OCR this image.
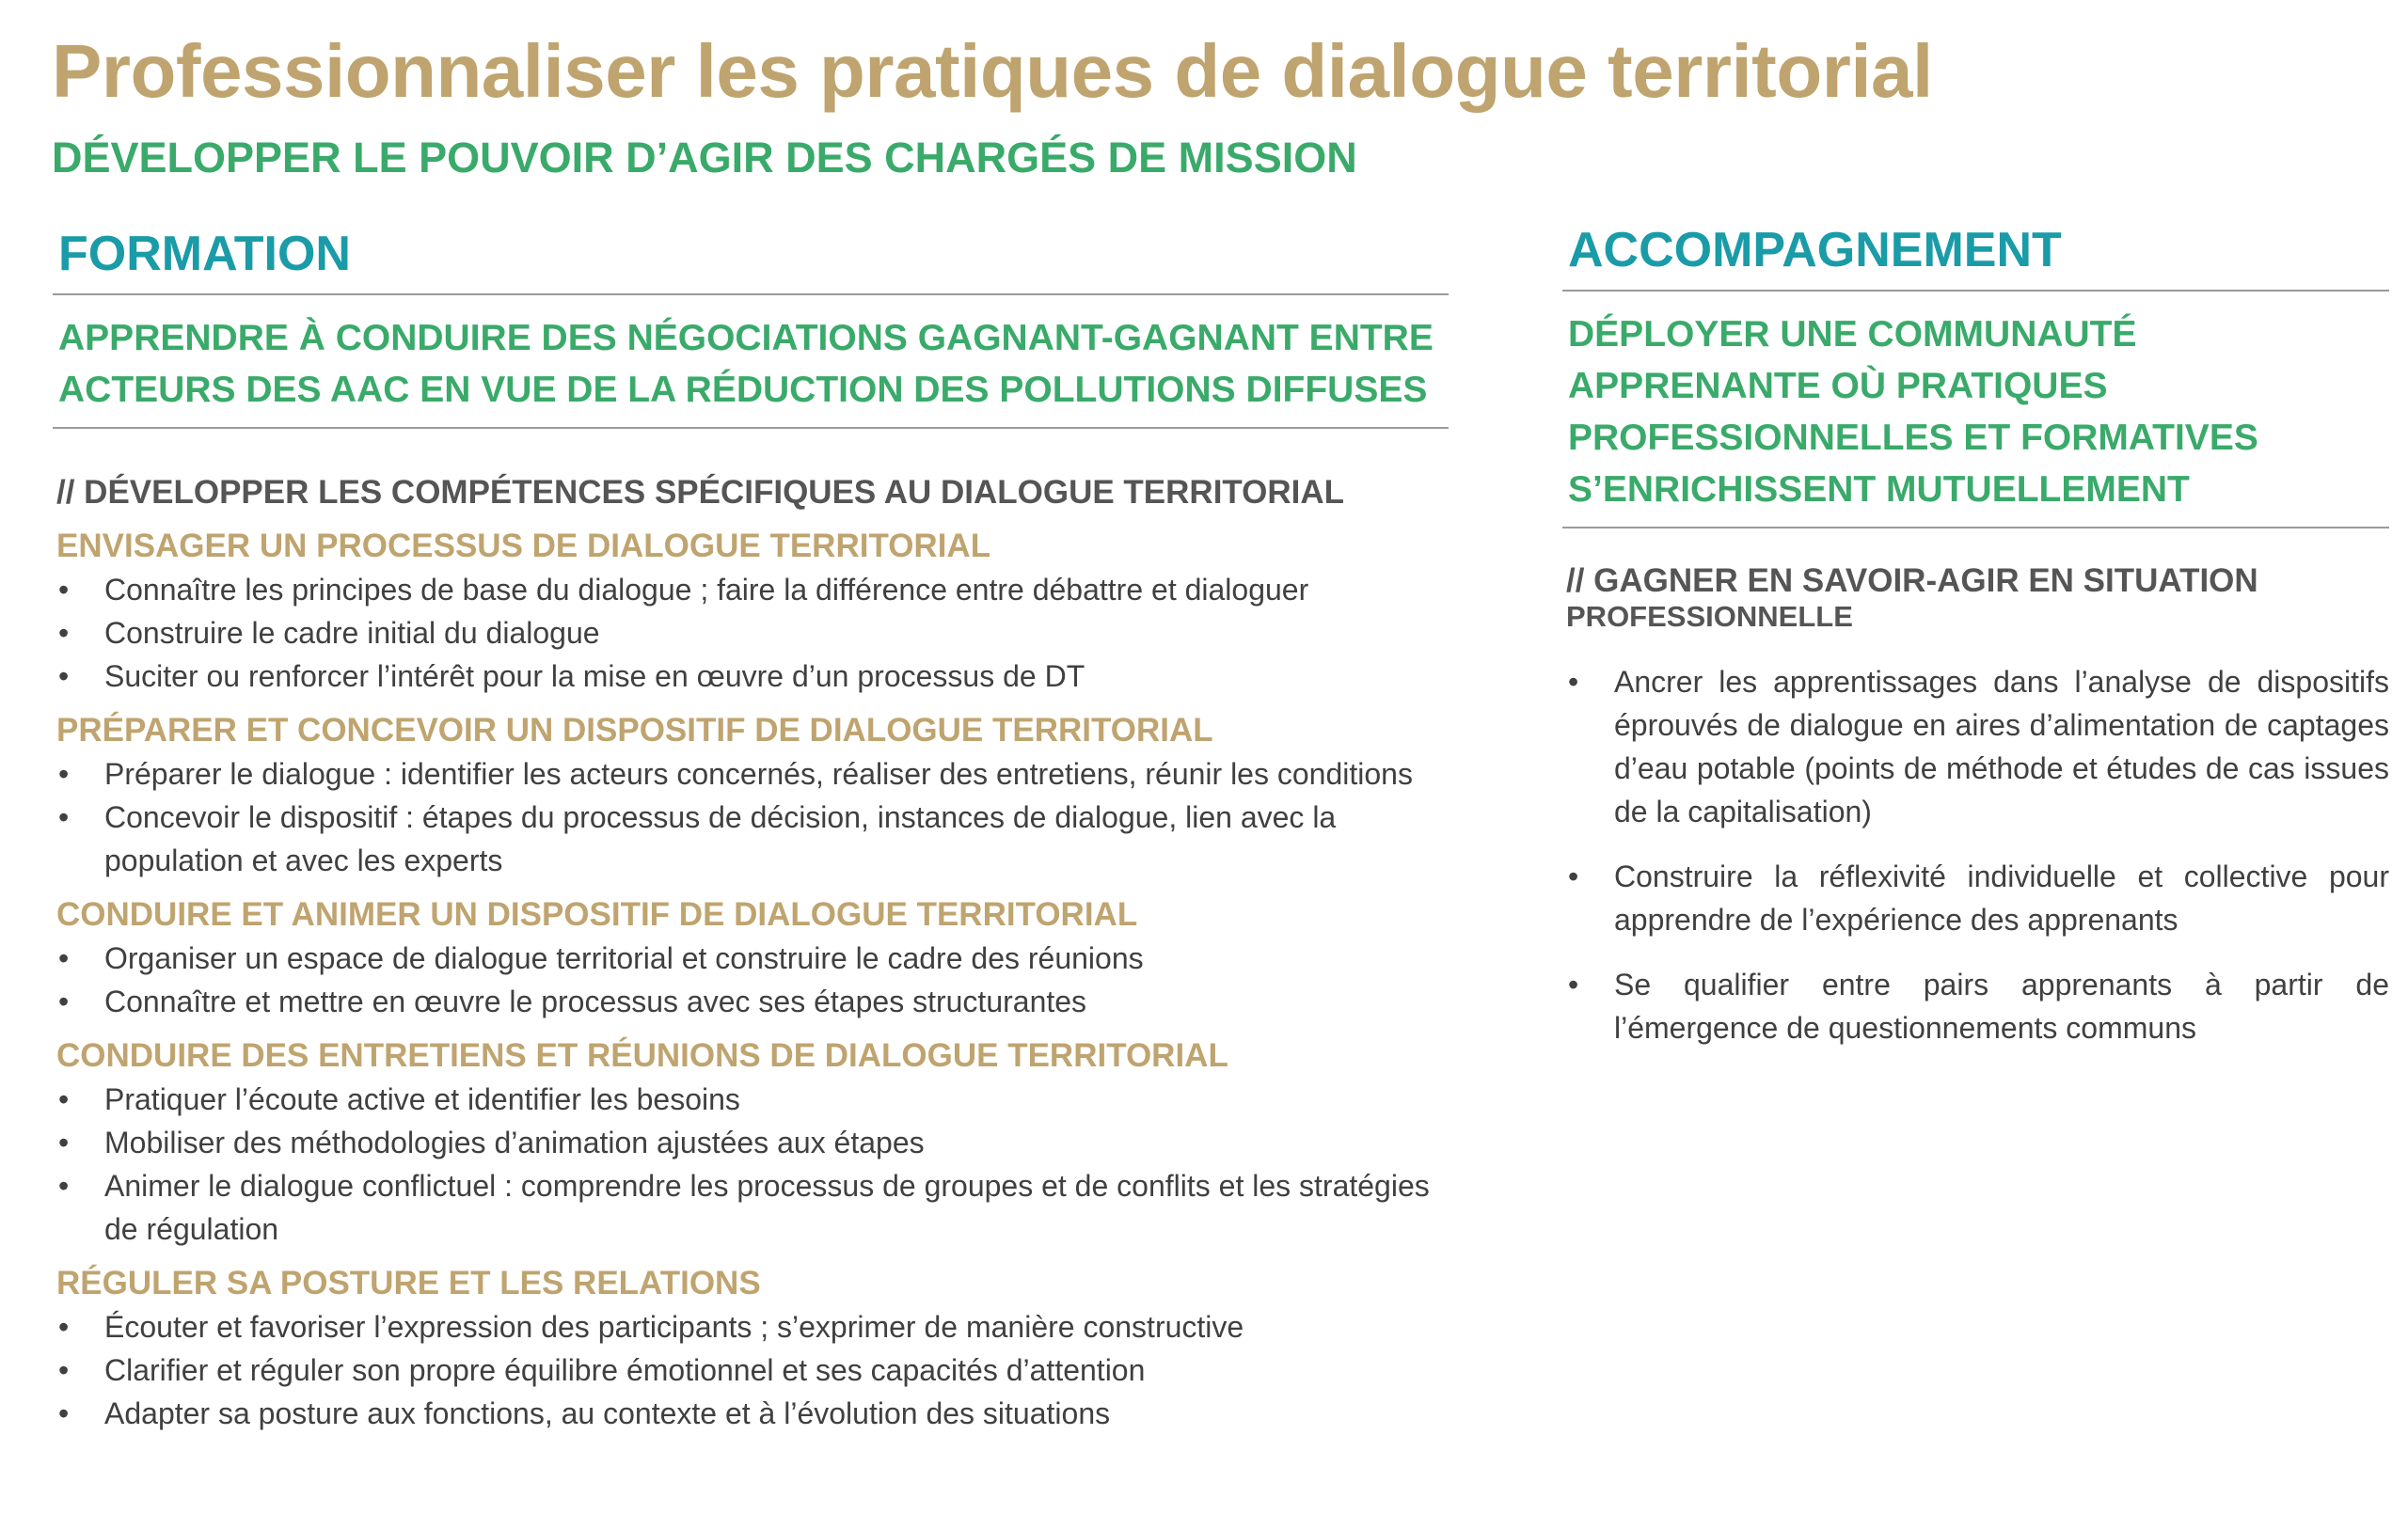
Professionnaliser les pratiques de dialogue territorial
DÉVELOPPER LE POUVOIR D’AGIR DES CHARGÉS DE MISSION
FORMATION

APPRENDRE À CONDUIRE DES NÉGOCIATIONS GAGNANT-GAGNANT ENTRE ACTEURS DES AAC EN VUE DE LA RÉDUCTION DES POLLUTIONS DIFFUSES

// DÉVELOPPER LES COMPÉTENCES SPÉCIFIQUES AU DIALOGUE TERRITORIAL

ENVISAGER UN PROCESSUS DE DIALOGUE TERRITORIAL

• Connaître les principes de base du dialogue ; faire la différence entre débattre et dialoguer
• Construire le cadre initial du dialogue
• Suciter ou renforcer l’intérêt pour la mise en œuvre d’un processus de DT

PRÉPARER ET CONCEVOIR UN DISPOSITIF DE DIALOGUE TERRITORIAL

• Préparer le dialogue : identifier les acteurs concernés, réaliser des entretiens, réunir les conditions
• Concevoir le dispositif : étapes du processus de décision, instances de dialogue, lien avec la population et avec les experts

CONDUIRE ET ANIMER UN DISPOSITIF DE DIALOGUE TERRITORIAL

• Organiser un espace de dialogue territorial et construire le cadre des réunions
• Connaître et mettre en œuvre le processus avec ses étapes structurantes

CONDUIRE DES ENTRETIENS ET RÉUNIONS DE DIALOGUE TERRITORIAL

• Pratiquer l’écoute active et identifier les besoins
• Mobiliser des méthodologies d’animation ajustées aux étapes
• Animer le dialogue conflictuel : comprendre les processus de groupes et de conflits et les stratégies de régulation

RÉGULER SA POSTURE ET LES RELATIONS

• Écouter et favoriser l’expression des participants ; s’exprimer de manière constructive
• Clarifier et réguler son propre équilibre émotionnel et ses capacités d’attention
• Adapter sa posture aux fonctions, au contexte et à l’évolution des situations
ACCOMPAGNEMENT

DÉPLOYER UNE COMMUNAUTÉ APPRENANTE OÙ PRATIQUES PROFESSIONNELLES ET FORMATIVES S’ENRICHISSENT MUTUELLEMENT

// GAGNER EN SAVOIR-AGIR EN SITUATION

PROFESSIONNELLE

• Ancrer les apprentissages dans l’analyse de dispositifs éprouvés de dialogue en aires d’alimentation de captages d’eau potable (points de méthode et études de cas issues de la capitalisation)
• Construire la réflexivité individuelle et collective pour apprendre de l’expérience des apprenants
• Se qualifier entre pairs apprenants à partir de l’émergence de questionnements communs
